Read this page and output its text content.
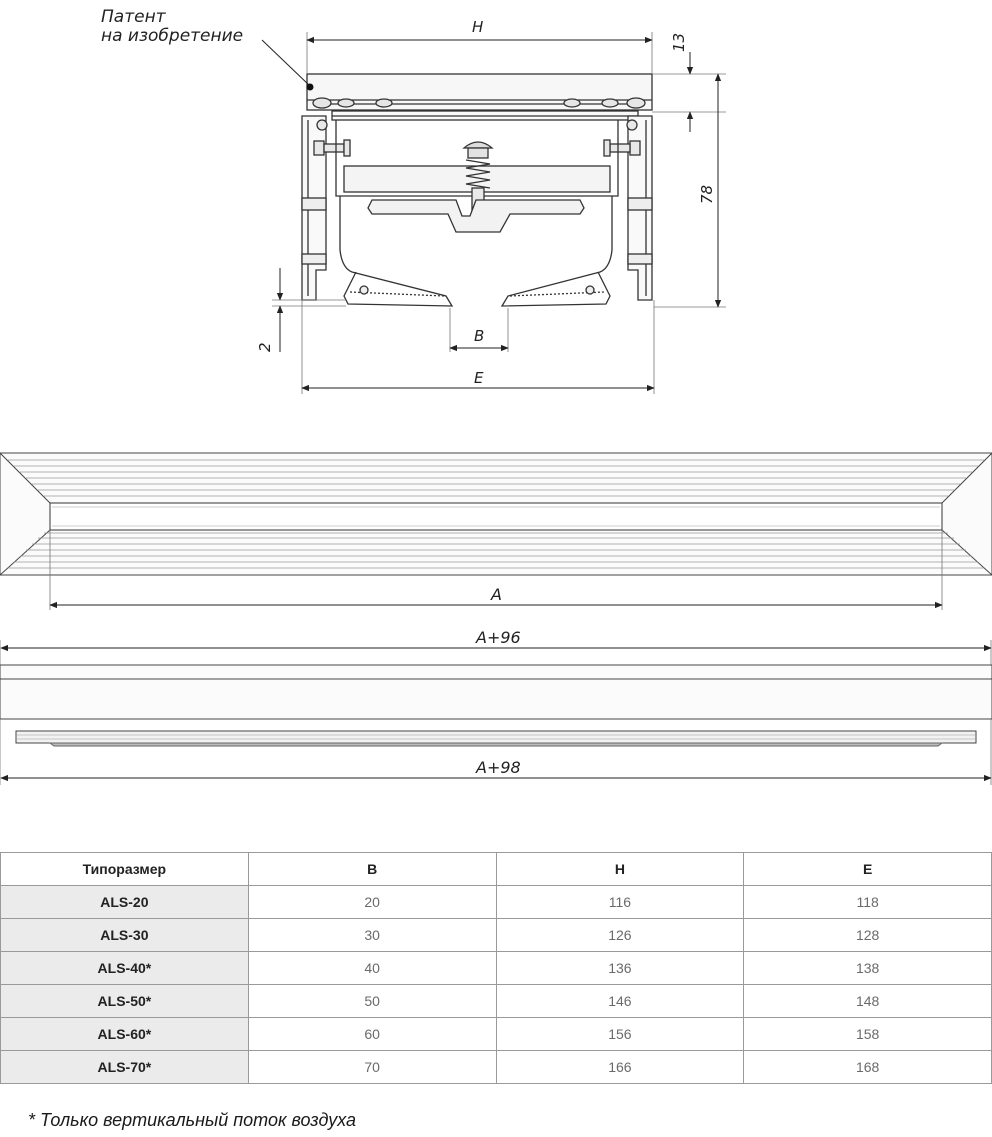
Патент
на изобретение	H
13
78
2
B
E
A
A+96
A+98
Типоразмер	B	H	E
ALS-20	20	116	118
ALS-30	30	126	128
ALS-40*	40	136	138
ALS-50*	50	146	148
ALS-60*	60	156	158
ALS-70*	70	166	168
* Только вертикальный поток воздуха
